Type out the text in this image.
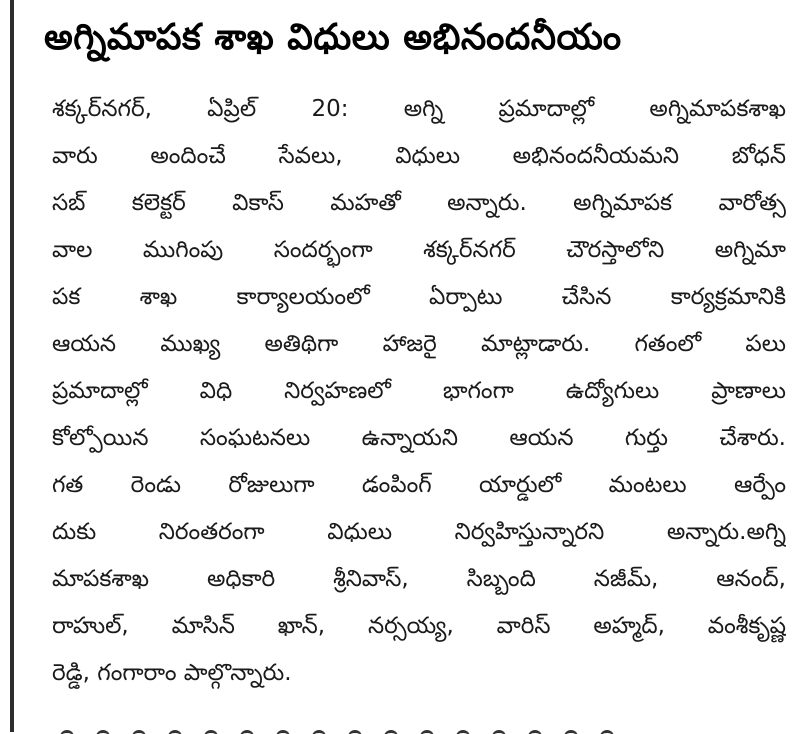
అగ్నిమాపక శాఖ విధులు అభినందనీయం
శక్కర్‌నగర్, ఏప్రిల్ 20: అగ్ని ప్రమాదాల్లో అగ్నిమాపకశాఖ
వారు అందించే సేవలు, విధులు అభినందనీయమని బోధన్
సబ్ కలెక్టర్ వికాస్ మహతో అన్నారు. అగ్నిమాపక వారోత్స
వాల ముగింపు సందర్భంగా శక్కర్‌నగర్ చౌరస్తాలోని అగ్నిమా
పక శాఖ కార్యాలయంలో ఏర్పాటు చేసిన కార్యక్రమానికి
ఆయన ముఖ్య అతిథిగా హాజరై మాట్లాడారు. గతంలో పలు
ప్రమాదాల్లో విధి నిర్వహణలో భాగంగా ఉద్యోగులు ప్రాణాలు
కోల్పోయిన సంఘటనలు ఉన్నాయని ఆయన గుర్తు చేశారు.
గత రెండు రోజులుగా డంపింగ్ యార్డులో మంటలు ఆర్పేం
దుకు నిరంతరంగా విధులు నిర్వహిస్తున్నారని అన్నారు.అగ్ని
మాపకశాఖ అధికారి శ్రీనివాస్, సిబ్బంది నజీమ్, ఆనంద్,
రాహుల్, మాసిన్ ఖాన్, నర్సయ్య, వారిస్ అహ్మద్, వంశీకృష్ణ
రెడ్డి, గంగారాం పాల్గొన్నారు.
